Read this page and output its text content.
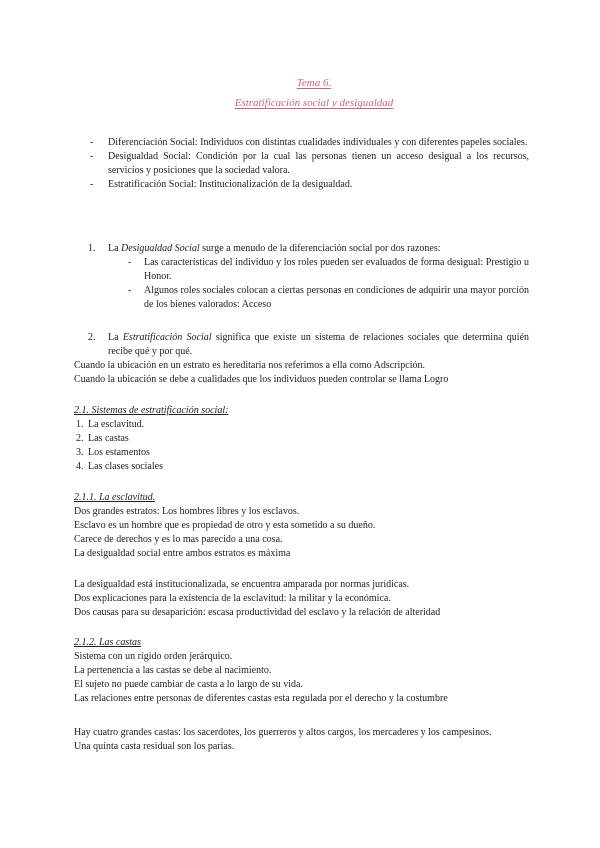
Tema 6.
Estratificación social y desigualdad
- Diferenciación Social: Individuos con distintas cualidades individuales y con diferentes papeles sociales.
- Desigualdad Social: Condición por la cual las personas tienen un acceso desigual a los recursos, servicios y posiciones que la sociedad valora.
- Estratificación Social: Institucionalización de la desigualdad.
1. La Desigualdad Social surge a menudo de la diferenciación social por dos razones:
- Las características del individuo y los roles pueden ser evaluados de forma desigual: Prestigio u Honor.
- Algunos roles sociales colocan a ciertas personas en condiciones de adquirir una mayor porción de los bienes valorados: Acceso
2. La Estratificación Social significa que existe un sistema de relaciones sociales que determina quién recibe qué y por qué.
Cuando la ubicación en un estrato es hereditaria nos referimos a ella como Adscripción.
Cuando la ubicación se debe a cualidades que los individuos pueden controlar se llama Logro
2.1. Sistemas de estratificación social:
1. La esclavitud.
2. Las castas
3. Los estamentos
4. Las clases sociales
2.1.1. La esclavitud.
Dos grandes estratos: Los hombres libres y los esclavos.
Esclavo es un hombre que es propiedad de otro y esta sometido a su dueño.
Carece de derechos y es lo mas parecido a una cosa.
La desigualdad social entre ambos estratos es máxima
La desigualdad está institucionalizada, se encuentra amparada por normas jurídicas.
Dos explicaciones para la existencia de la esclavitud: la militar y la económica.
Dos causas para su desaparición: escasa productividad del esclavo y la relación de alteridad
2.1.2. Las castas
Sistema con un rígido orden jerárquico.
La pertenencia a las castas se debe al nacimiento.
El sujeto no puede cambiar de casta a lo largo de su vida.
Las relaciones entre personas de diferentes castas esta regulada por el derecho y la costumbre
Hay cuatro grandes castas: los sacerdotes, los guerreros y altos cargos, los mercaderes y los campesinos.
Una quinta casta residual son los parias.
